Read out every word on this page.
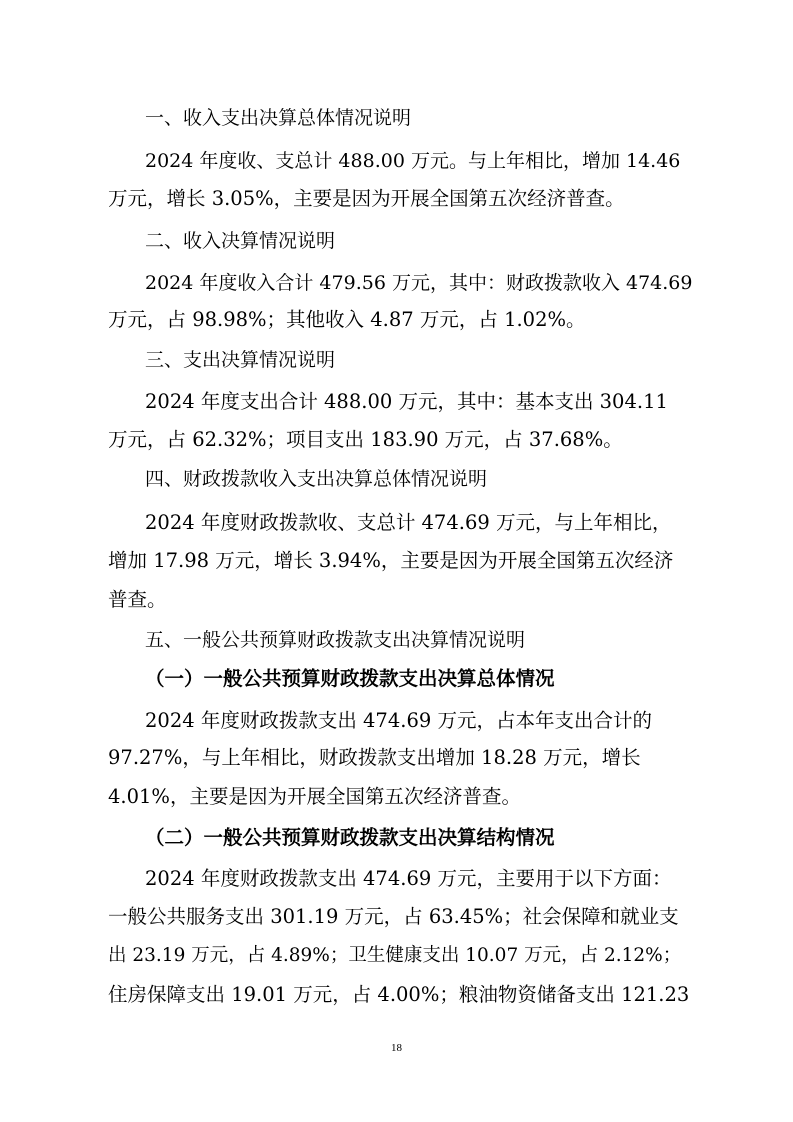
一、收入支出决算总体情况说明
2024 年度收、支总计 488.00 万元。与上年相比，增加 14.46
万元，增长 3.05%，主要是因为开展全国第五次经济普查。
二、收入决算情况说明
2024 年度收入合计 479.56 万元，其中：财政拨款收入 474.69
万元，占 98.98%；其他收入 4.87 万元，占 1.02%。
三、支出决算情况说明
2024 年度支出合计 488.00 万元，其中：基本支出 304.11
万元，占 62.32%；项目支出 183.90 万元，占 37.68%。
四、财政拨款收入支出决算总体情况说明
2024 年度财政拨款收、支总计 474.69 万元，与上年相比，
增加 17.98 万元，增长 3.94%，主要是因为开展全国第五次经济
普查。
五、一般公共预算财政拨款支出决算情况说明
（一）一般公共预算财政拨款支出决算总体情况
2024 年度财政拨款支出 474.69 万元，占本年支出合计的
97.27%，与上年相比，财政拨款支出增加 18.28 万元，增长
4.01%，主要是因为开展全国第五次经济普查。
（二）一般公共预算财政拨款支出决算结构情况
2024 年度财政拨款支出 474.69 万元，主要用于以下方面：
一般公共服务支出 301.19 万元，占 63.45%；社会保障和就业支
出 23.19 万元，占 4.89%；卫生健康支出 10.07 万元，占 2.12%；
住房保障支出 19.01 万元，占 4.00%；粮油物资储备支出 121.23
18
